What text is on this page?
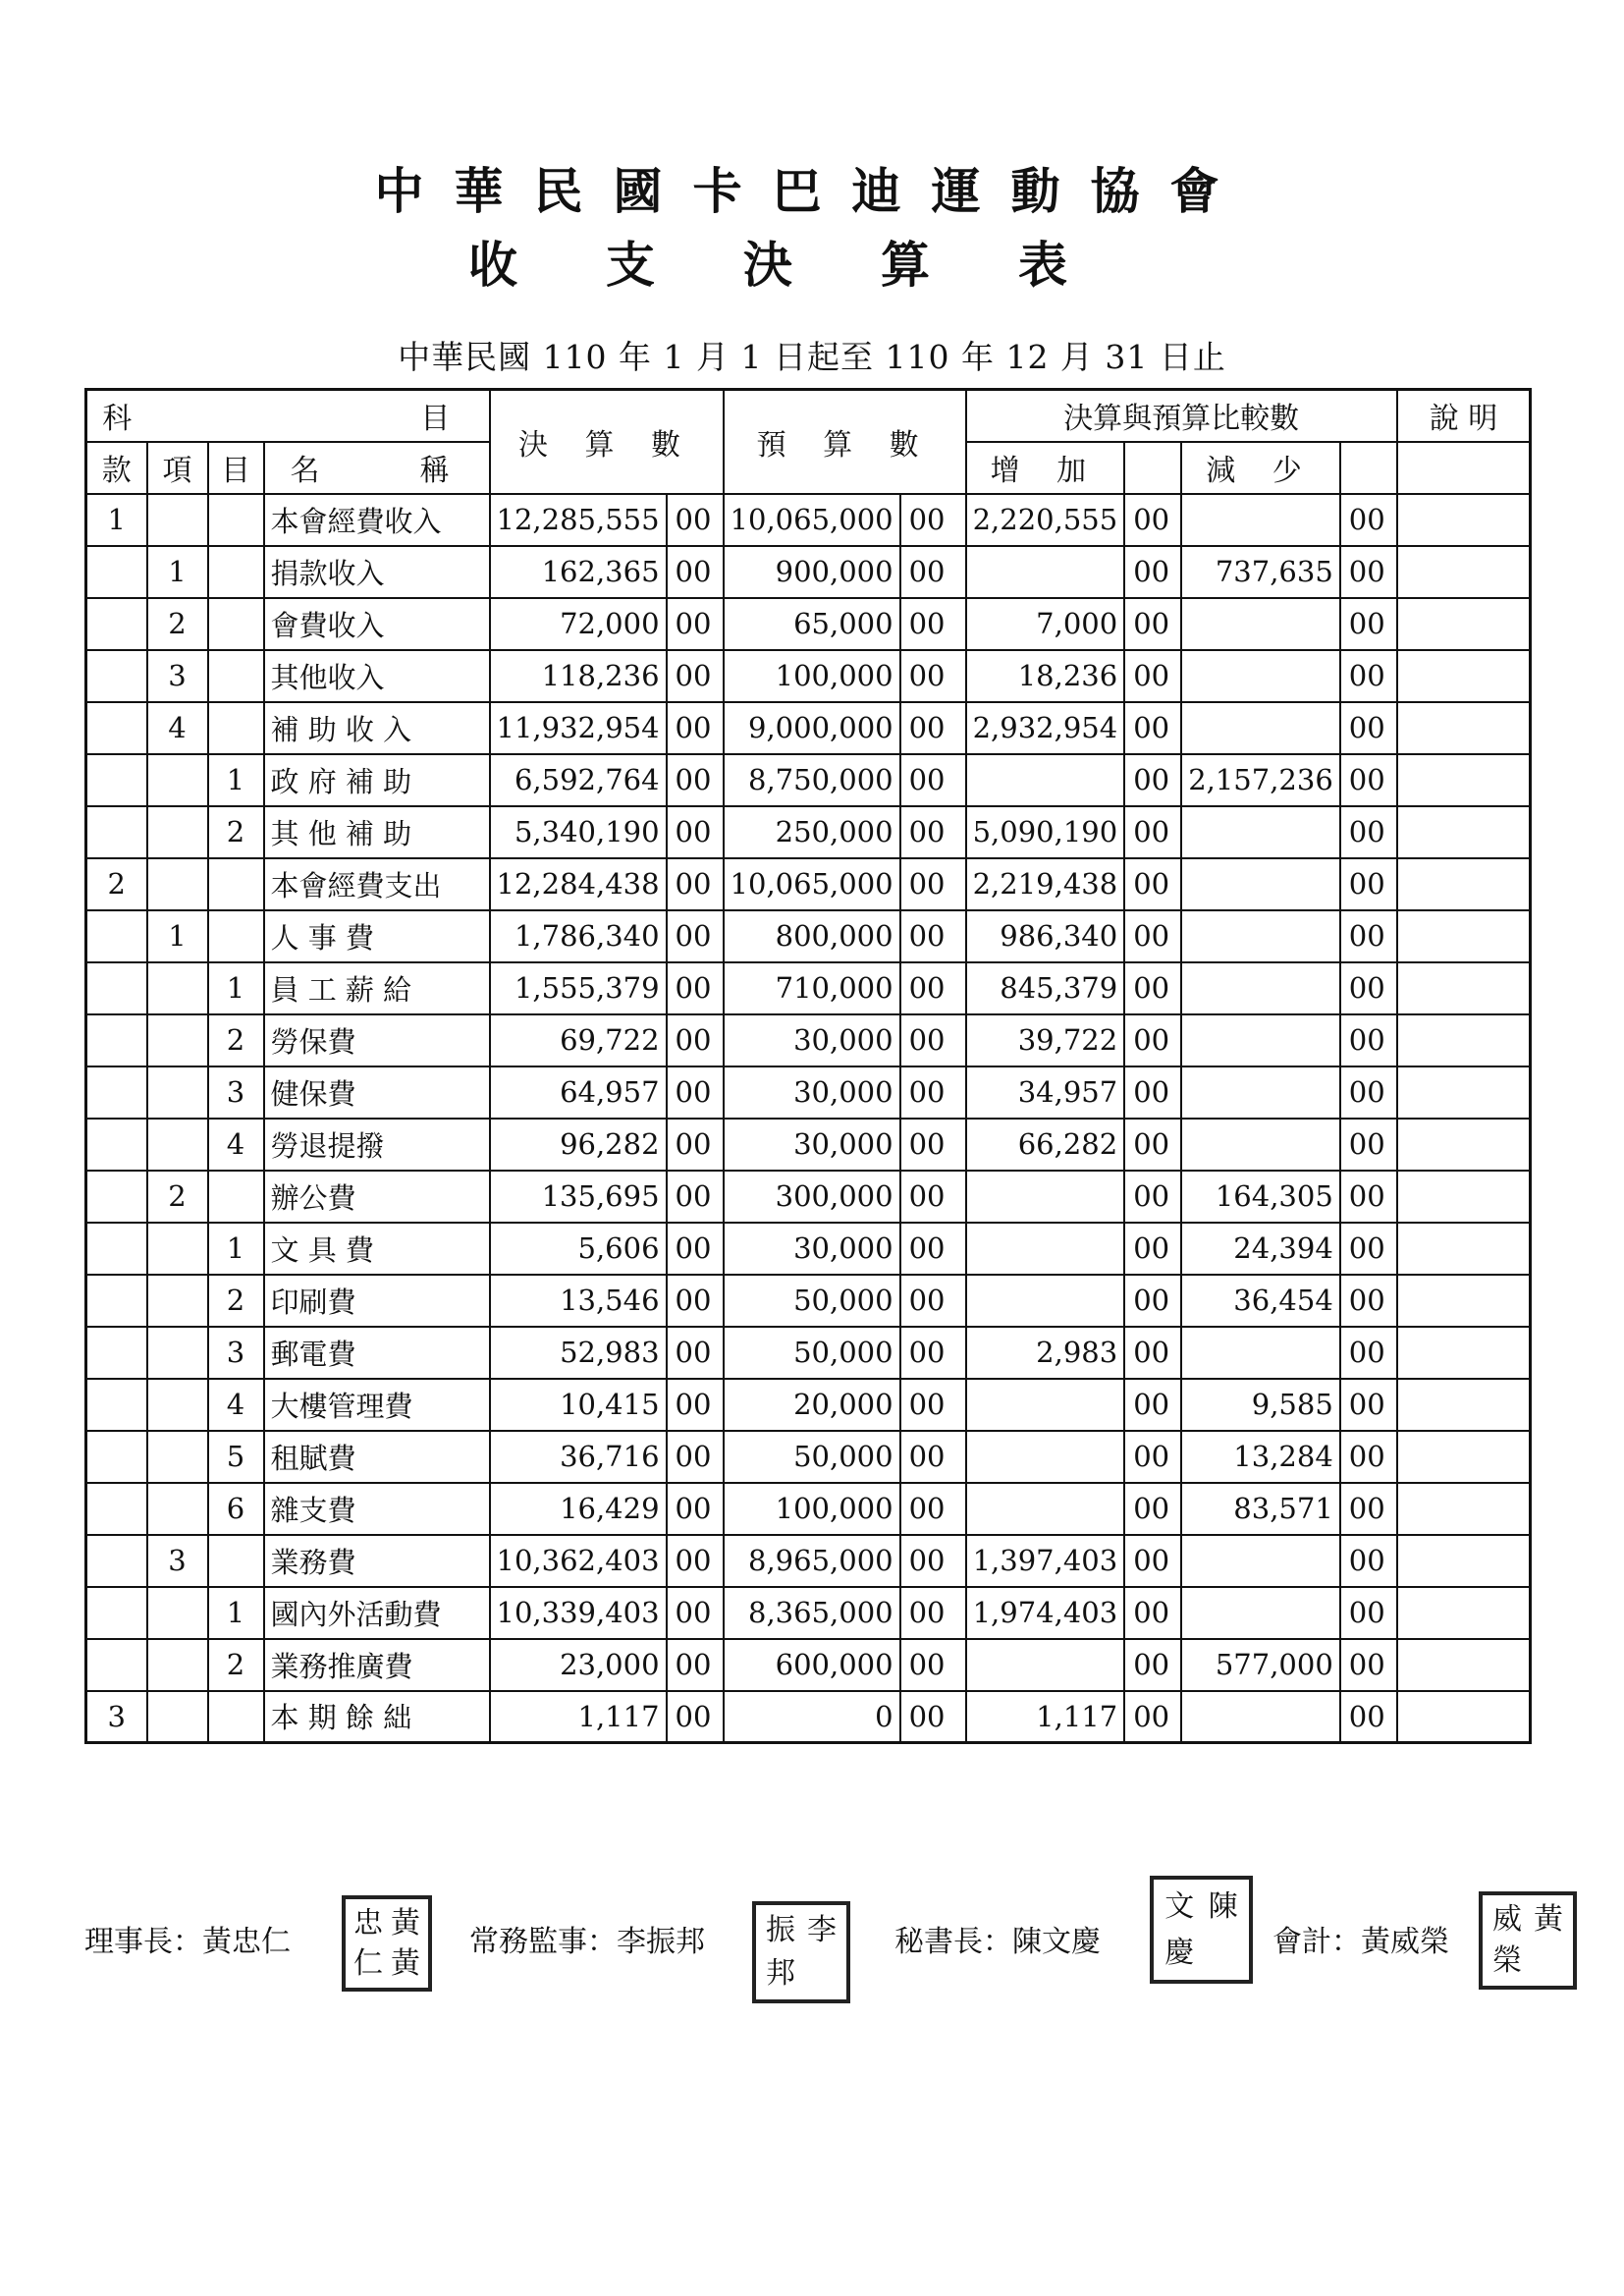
中華民國卡巴迪運動協會
收支決算表
中華民國 110 年 1 月 1 日起至 110 年 12 月 31 日止
科　　　　　目				決 算 數		預 算 數		決算與預算比較數				說 明
款	項	目	名　　稱					增 加		減 少		
1			本會經費收入	12,285,555	00	10,065,000	00	2,220,555	00		00	
	1		捐款收入	162,365	00	900,000	00		00	737,635	00	
	2		會費收入	72,000	00	65,000	00	7,000	00		00	
	3		其他收入	118,236	00	100,000	00	18,236	00		00	
	4		補 助 收 入	11,932,954	00	9,000,000	00	2,932,954	00		00	
		1	政 府 補 助	6,592,764	00	8,750,000	00		00	2,157,236	00	
		2	其 他 補 助	5,340,190	00	250,000	00	5,090,190	00		00	
2			本會經費支出	12,284,438	00	10,065,000	00	2,219,438	00		00	
	1		人 事 費	1,786,340	00	800,000	00	986,340	00		00	
		1	員 工 薪 給	1,555,379	00	710,000	00	845,379	00		00	
		2	勞保費	69,722	00	30,000	00	39,722	00		00	
		3	健保費	64,957	00	30,000	00	34,957	00		00	
		4	勞退提撥	96,282	00	30,000	00	66,282	00		00	
	2		辦公費	135,695	00	300,000	00		00	164,305	00	
		1	文 具 費	5,606	00	30,000	00		00	24,394	00	
		2	印刷費	13,546	00	50,000	00		00	36,454	00	
		3	郵電費	52,983	00	50,000	00	2,983	00		00	
		4	大樓管理費	10,415	00	20,000	00		00	9,585	00	
		5	租賦費	36,716	00	50,000	00		00	13,284	00	
		6	雜支費	16,429	00	100,000	00		00	83,571	00	
	3		業務費	10,362,403	00	8,965,000	00	1,397,403	00		00	
		1	國內外活動費	10,339,403	00	8,365,000	00	1,974,403	00		00	
		2	業務推廣費	23,000	00	600,000	00		00	577,000	00	
3			本 期 餘 絀	1,117	00	0	00	1,117	00		00	
理事長：黃忠仁
忠 黃
仁 黃
常務監事：李振邦 振 李
邦
秘書長：陳文慶
文 陳
慶	會計：黃威榮
威 黃
榮
